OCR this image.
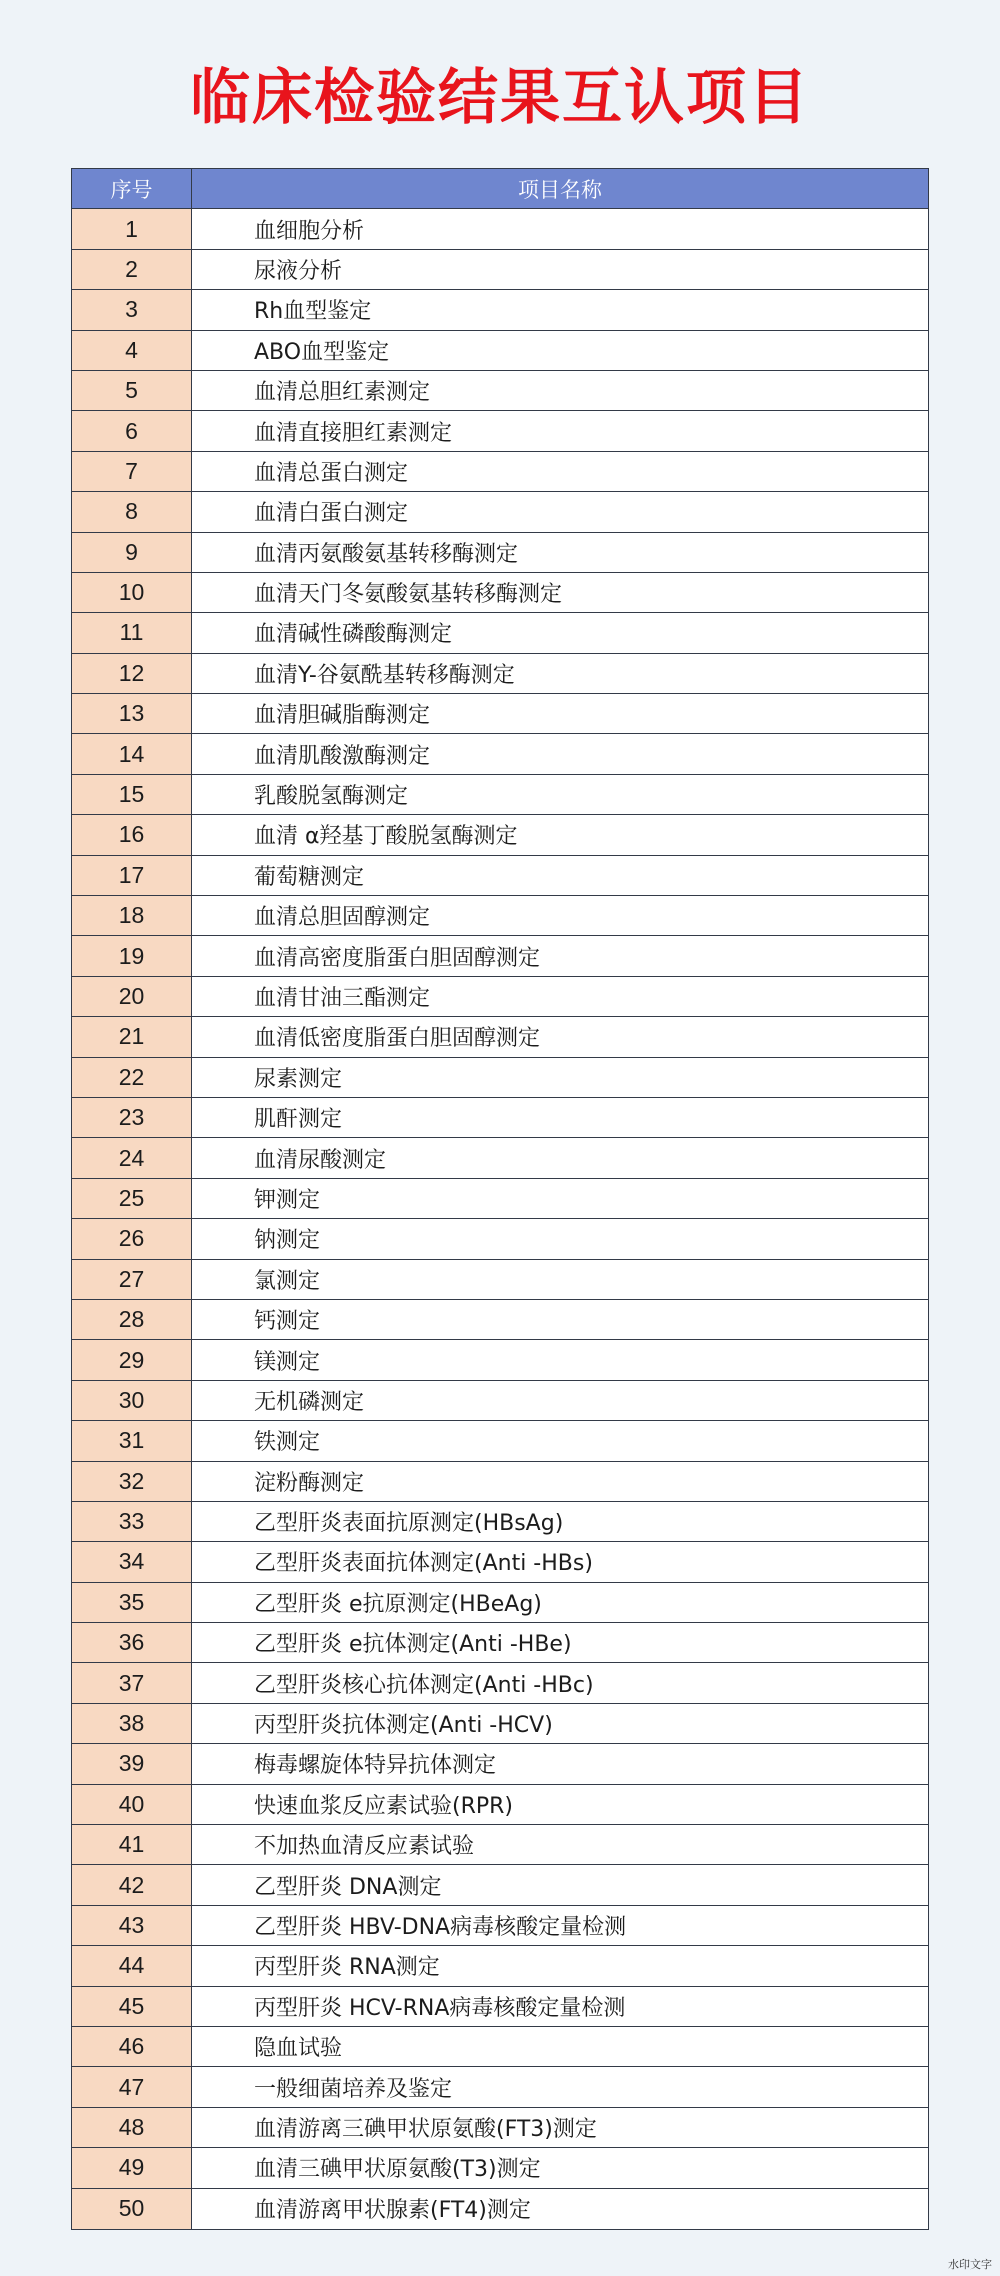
临床检验结果互认项目
序号	项目名称
1	血细胞分析
2	尿液分析
3	Rh血型鉴定
4	ABO血型鉴定
5	血清总胆红素测定
6	血清直接胆红素测定
7	血清总蛋白测定
8	血清白蛋白测定
9	血清丙氨酸氨基转移酶测定
10	血清天门冬氨酸氨基转移酶测定
11	血清碱性磷酸酶测定
12	血清Y-谷氨酰基转移酶测定
13	血清胆碱脂酶测定
14	血清肌酸激酶测定
15	乳酸脱氢酶测定
16	血清 α羟基丁酸脱氢酶测定
17	葡萄糖测定
18	血清总胆固醇测定
19	血清高密度脂蛋白胆固醇测定
20	血清甘油三酯测定
21	血清低密度脂蛋白胆固醇测定
22	尿素测定
23	肌酐测定
24	血清尿酸测定
25	钾测定
26	钠测定
27	氯测定
28	钙测定
29	镁测定
30	无机磷测定
31	铁测定
32	淀粉酶测定
33	乙型肝炎表面抗原测定(HBsAg)
34	乙型肝炎表面抗体测定(Anti -HBs)
35	乙型肝炎 e抗原测定(HBeAg)
36	乙型肝炎 e抗体测定(Anti -HBe)
37	乙型肝炎核心抗体测定(Anti -HBc)
38	丙型肝炎抗体测定(Anti -HCV)
39	梅毒螺旋体特异抗体测定
40	快速血浆反应素试验(RPR)
41	不加热血清反应素试验
42	乙型肝炎 DNA测定
43	乙型肝炎 HBV-DNA病毒核酸定量检测
44	丙型肝炎 RNA测定
45	丙型肝炎 HCV-RNA病毒核酸定量检测
46	隐血试验
47	一般细菌培养及鉴定
48	血清游离三碘甲状原氨酸(FT3)测定
49	血清三碘甲状原氨酸(T3)测定
50	血清游离甲状腺素(FT4)测定
水印文字
